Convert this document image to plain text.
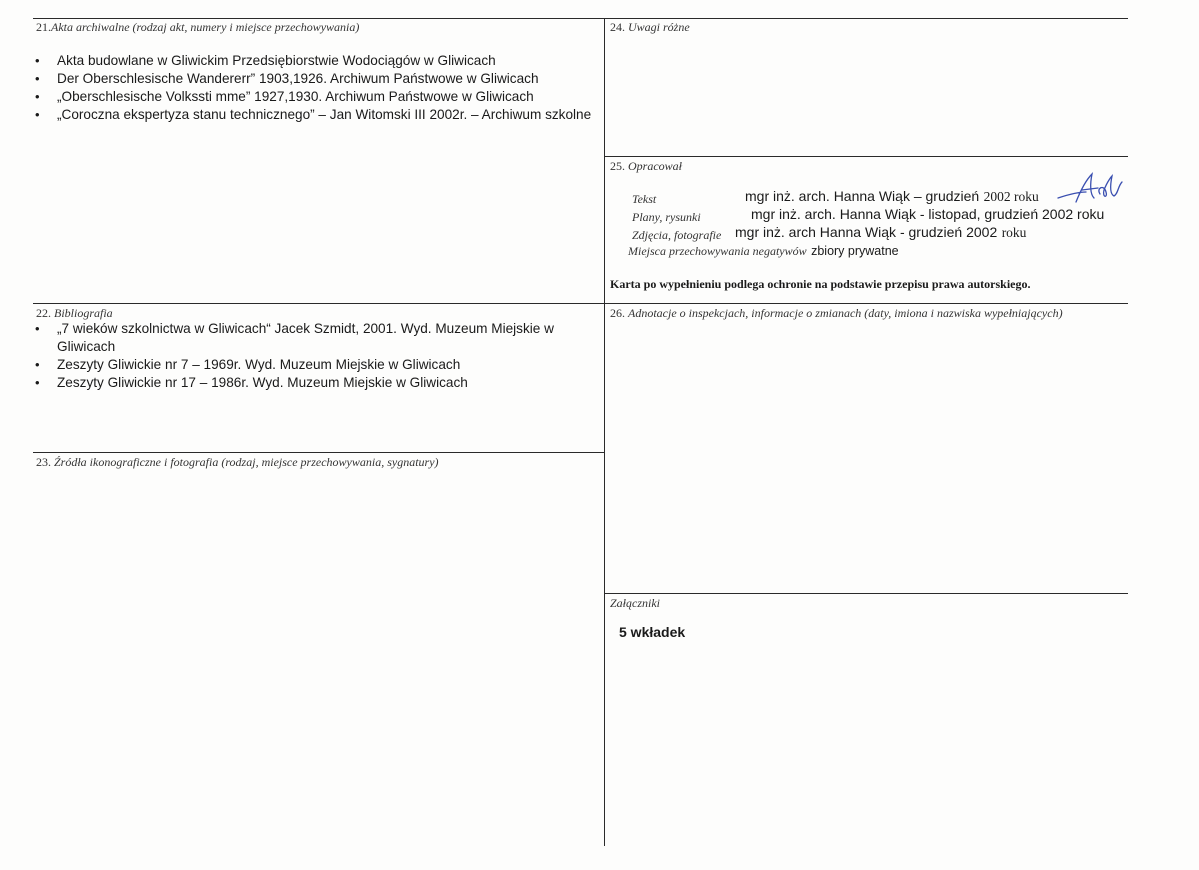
21.Akta archiwalne (rodzaj akt, numery i miejsce przechowywania)
• Akta budowlane w Gliwickim Przedsiębiorstwie Wodociągów w Gliwicach
• Der Oberschlesische Wandererr” 1903,1926. Archiwum Państwowe w Gliwicach
• „Oberschlesische Volkssti mme” 1927,1930. Archiwum Państwowe w Gliwicach
• „Coroczna ekspertyza stanu technicznego” – Jan Witomski III 2002r. – Archiwum szkolne
24. Uwagi różne
25. Opracował
Tekst	mgr inż. arch. Hanna Wiąk – grudzień 2002 roku
Plany, rysunki	mgr inż. arch. Hanna Wiąk - listopad, grudzień 2002 roku
Zdjęcia, fotografie mgr inż. arch Hanna Wiąk - grudzień 2002 roku
Miejsca przechowywania negatywów zbiory prywatne
Karta po wypełnieniu podlega ochronie na podstawie przepisu prawa autorskiego.
22. Bibliografia
• „7 wieków szkolnictwa w Gliwicach“ Jacek Szmidt, 2001. Wyd. Muzeum Miejskie w Gliwicach
• Zeszyty Gliwickie nr 7 – 1969r. Wyd. Muzeum Miejskie w Gliwicach
• Zeszyty Gliwickie nr 17 – 1986r. Wyd. Muzeum Miejskie w Gliwicach
26. Adnotacje o inspekcjach, informacje o zmianach (daty, imiona i nazwiska wypełniających)
23. Źródła ikonograficzne i fotografia (rodzaj, miejsce przechowywania, sygnatury)
Załączniki
5 wkładek
